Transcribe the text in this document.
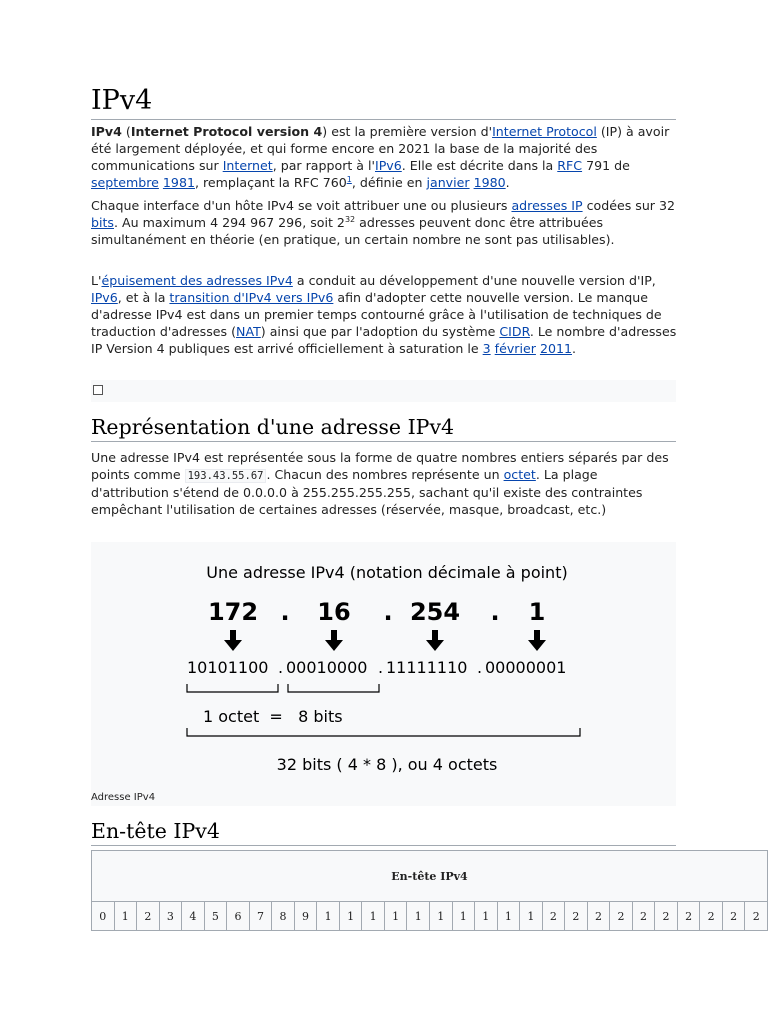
IPv4

IPv4 (Internet Protocol version 4) est la première version d'Internet Protocol (IP) à avoir été largement déployée, et qui forme encore en 2021 la base de la majorité des communications sur Internet, par rapport à l'IPv6. Elle est décrite dans la RFC 791 de septembre 1981, remplaçant la RFC $760^1$, définie en janvier 1980.

Chaque interface d'un hôte IPv4 se voit attribuer une ou plusieurs adresses IP codées sur 32 bits. Au maximum 4 294 967 296, soit $2^{32}$ adresses peuvent donc être attribuées simultanément en théorie (en pratique, un certain nombre ne sont pas utilisables).

L'épuisement des adresses IPv4 a conduit au développement d'une nouvelle version d'IP, IPv6, et à la transition d'IPv4 vers IPv6 afin d'adopter cette nouvelle version. Le manque d'adresse IPv4 est dans un premier temps contourné grâce à l'utilisation de techniques de traduction d'adresses (NAT) ainsi que par l'adoption du système CIDR. Le nombre d'adresses IP Version 4 publiques est arrivé officiellement à saturation le 3 février 2011.

Représentation d'une adresse IPv4

Une adresse IPv4 est représentée sous la forme de quatre nombres entiers séparés par des points comme 193.43.55.67 . Chacun des nombres représente un octet. La plage d'attribution s'étend de 0.0.0.0 à 255.255.255.255, sachant qu'il existe des contraintes empêchant l'utilisation de certaines adresses (réservée, masque, broadcast, etc.)

Une adresse IPv4 (notation décimale à point)
172 . 16 . 254 . 1
10101100 . 00010000 . 11111110 . 00000001
1 octet  =   8 bits
32 bits ( 4 * 8 ), ou 4 octets
Adresse IPv4
En-tête IPv4
En-tête IPv4
0	1	2	3	4	5	6	7	8	9	1	1	1	1	1	1	1	1	1	1	2	2	2	2	2	2	2	2	2	2
